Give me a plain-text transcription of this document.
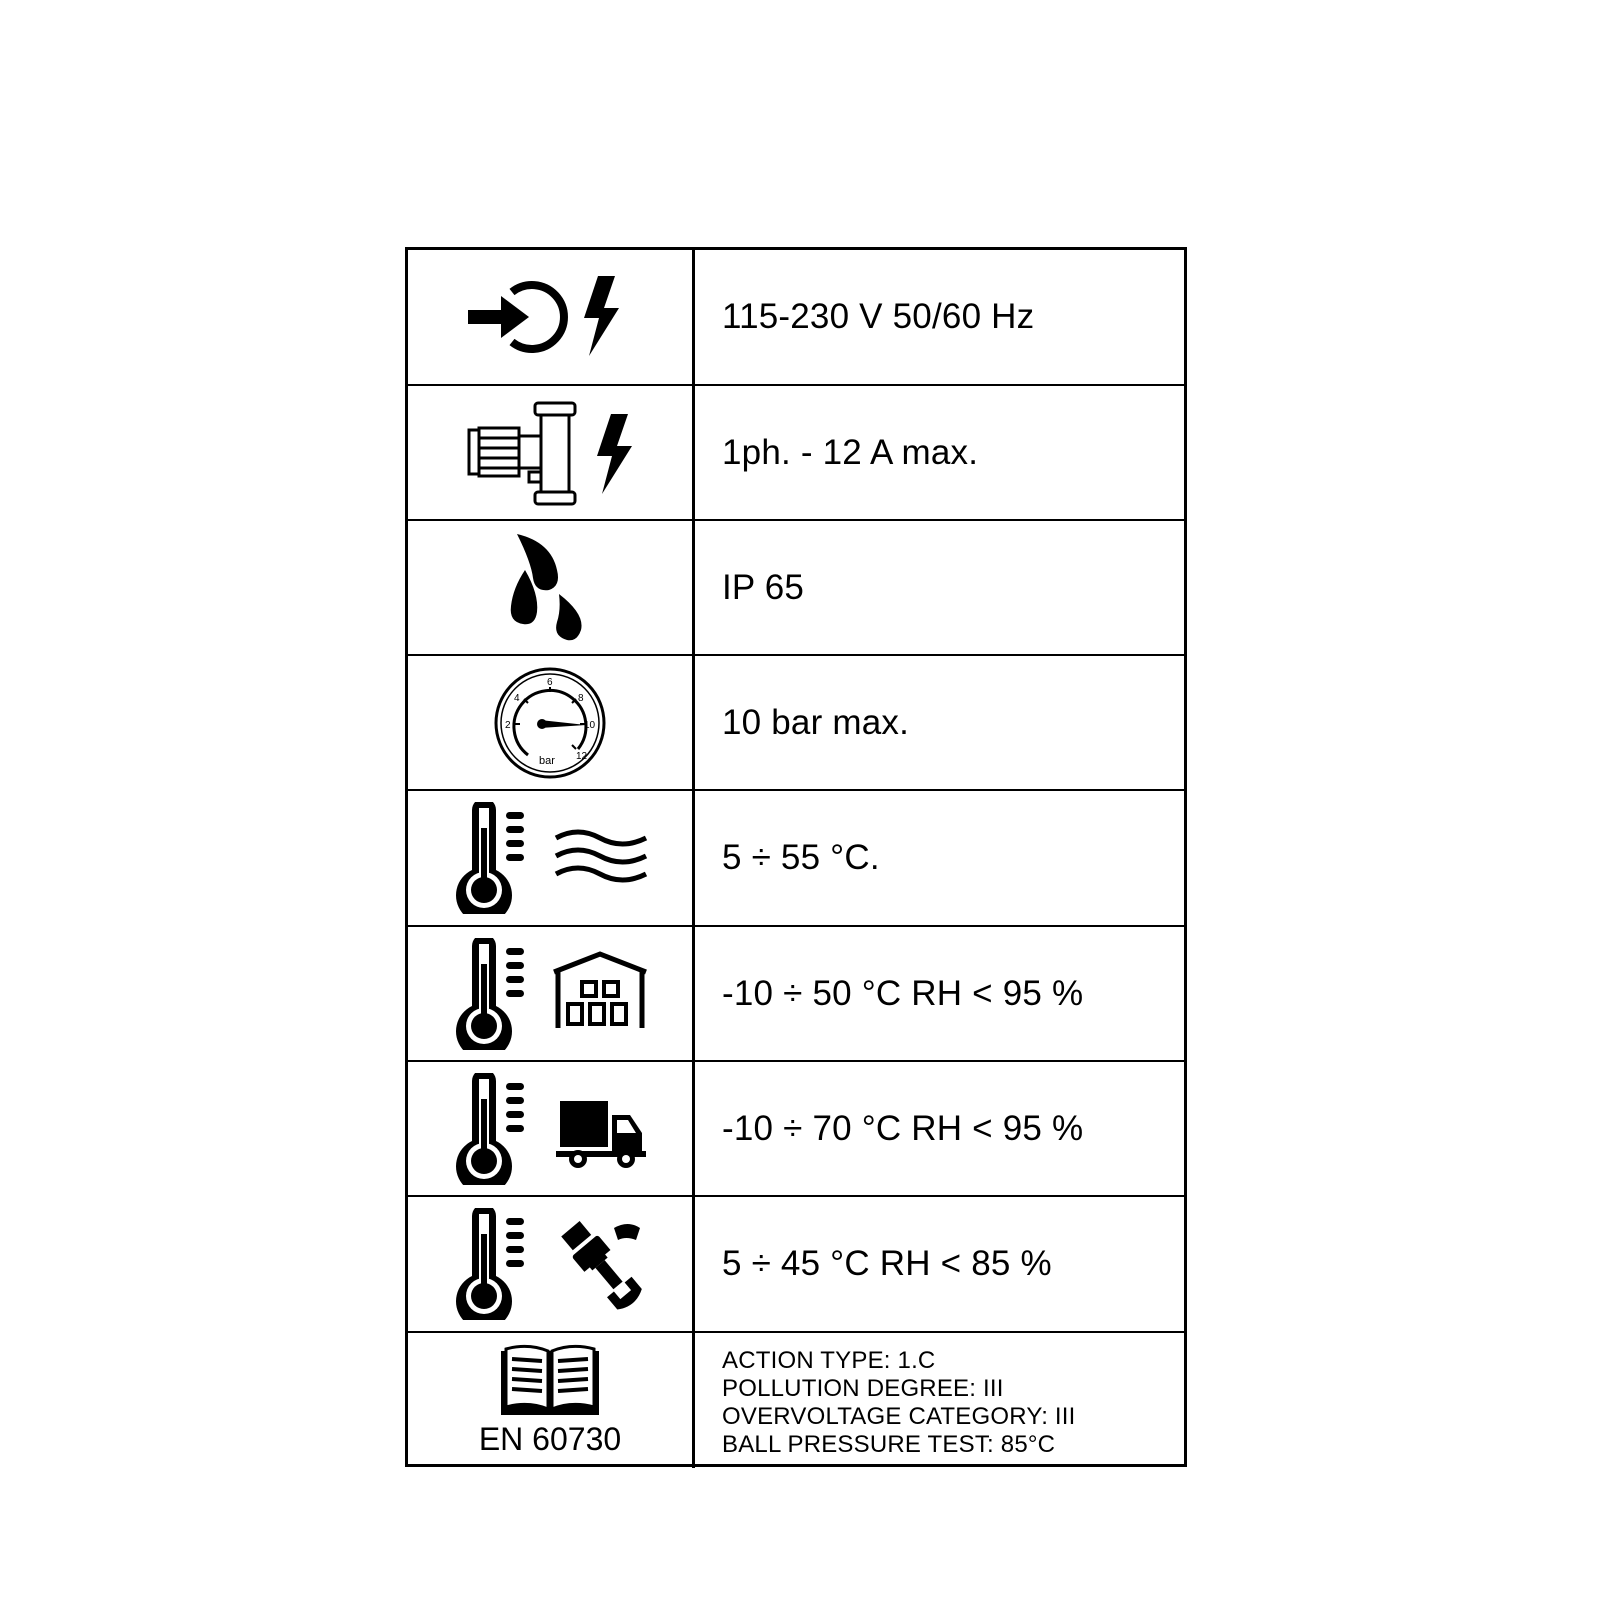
115-230 V 50/60 Hz
1ph. - 12 A max.
IP 65
2
4
6
8
10
12
bar
10 bar max.
5 ÷ 55 °C.
-10 ÷ 50 °C RH < 95 %
-10 ÷ 70 °C RH < 95 %
5 ÷ 45 °C RH < 85 %
EN 60730
ACTION TYPE: 1.C
POLLUTION DEGREE: III
OVERVOLTAGE CATEGORY: III
BALL PRESSURE TEST: 85°C
